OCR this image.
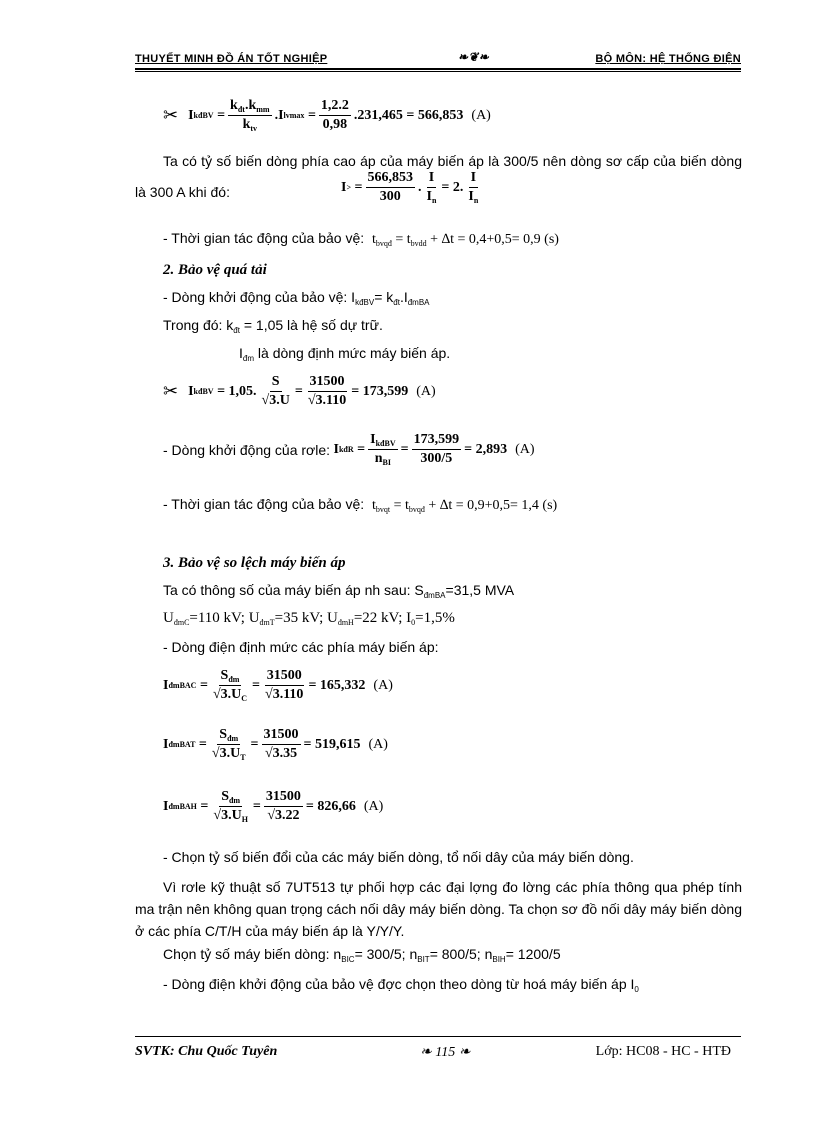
THUYẾT MINH ĐỒ ÁN TỐT NGHIỆP	❧❦❧	BỘ MÔN: HỆ THỐNG ĐIỆN
✂ I kđBV = $\frac{k_{đt}.k_{mm}}{k_{tv}} .I$ $lvmax = \frac{1,2.2}{0,98} .231,465 = 566,853$ (A)
Ta có tỷ số biến dòng phía cao áp của máy biến áp là 300/5 nên dòng sơ cấp của biến dòng là 300 A khi đó:	I > = $\frac{566,853}{300}$ . $\frac{I}{I_n} = 2$. $\frac{I}{I_n}$
- Thời gian tác động của bảo vệ: $t_{bvqđ} = t_{bvdd} + \Delta t = 0,4+0,5= 0,9$ (s)
2. Bảo vệ quá tải
- Dòng khởi động của bảo vệ: $I_{kđBV}= k_{đt}.I_{đmBA}$
Trong đó: $k_{đt} = 1,05$ là hệ số dự trữ.
$I_{đm}$ là dòng định mức máy biến áp.
✂ I kđBV
= 1,05. $\frac{S}{√3.U} = \frac{31500}{√3.110} = 173,599$ (A)
- Dòng khởi động của rơle:
I kđR = $\frac{I_{kđBV}}{n_{BI}} = \frac{173,599}{300/5} = 2,893$ (A)
- Thời gian tác động của bảo vệ: $t_{bvqt} = t_{bvqđ} + \Delta t = 0,9+0,5= 1,4$ (s)
3. Bảo vệ so lệch máy biến áp
Ta có thông số của máy biến áp nh sau: $S_{đmBA}=31,5$ MVA
$U_{đmC}=110$ kV; $U_{đmT}=35$ kV; $U_{đmH}=22$ kV; $I_0=1,5\%$
- Dòng điện định mức các phía máy biến áp:
I đmBAC = $\frac{S_{đm}}{√3.U_C} = \frac{31500}{√3.110} = 165,332$ (A)
I đmBAT = $\frac{S_{đm}}{√3.U_T} = \frac{31500}{√3.35} = 519,615$ (A)
I đmBAH = $\frac{S_{đm}}{√3.U_H} = \frac{31500}{√3.22} = 826,66$ (A)
- Chọn tỷ số biến đổi của các máy biến dòng, tổ nối dây của máy biến dòng.
Vì rơle kỹ thuật số 7UT513 tự phối hợp các đại lợng đo lờng các phía thông qua phép tính ma trận nên không quan trọng cách nối dây máy biến dòng. Ta chọn sơ đồ nối dây máy biến dòng ở các phía C/T/H của máy biến áp là Y/Y/Y.
Chọn tỷ số máy biến dòng: $n_{BIC}= 300/5$; $n_{BIT}= 800/5$; $n_{BIH}= 1200/5$
- Dòng điện khởi động của bảo vệ đợc chọn theo dòng từ hoá máy biến áp $I_0$
SVTK: Chu Quốc Tuyên	❧ 115 ❧	Lớp: HC08 - HC - HTĐ
